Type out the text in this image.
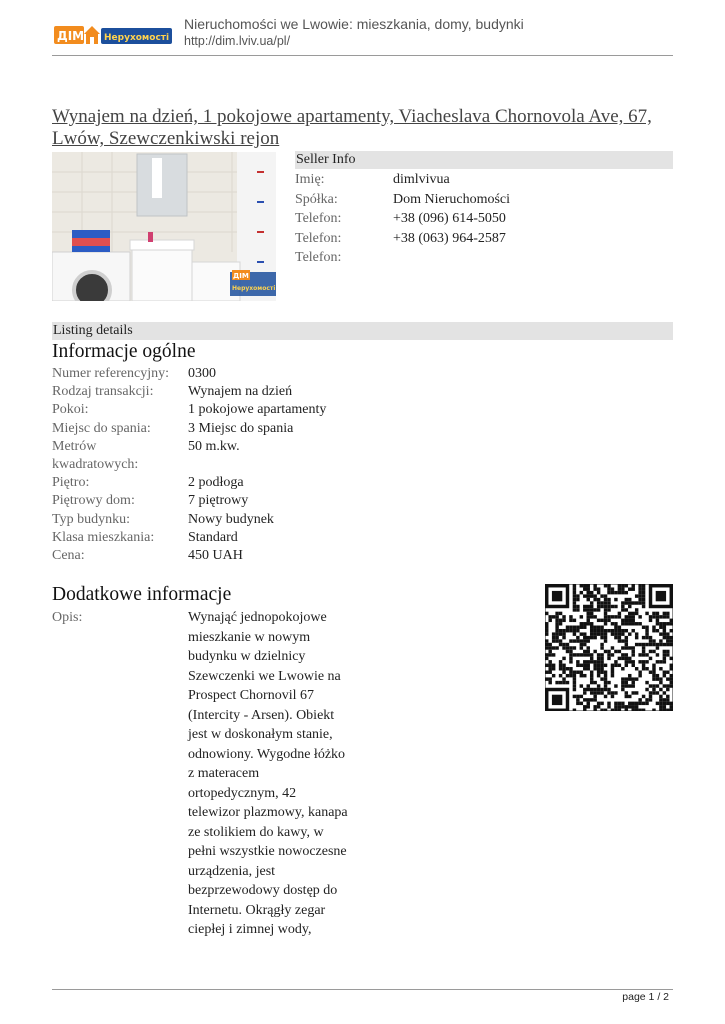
ДІМ Нерухомості
Nieruchomości we Lwowie: mieszkania, domy, budynki
http://dim.lviv.ua/pl/
Wynajem na dzień, 1 pokojowe apartamenty, Viacheslava Chornovola Ave, 67, Lwów, Szewczenkiwski rejon
ДІМ
Нерухомості
Seller Info
Imię:	dimlvivua
Spółka:	Dom Nieruchomości
Telefon:	+38 (096) 614-5050
Telefon:	+38 (063) 964-2587
Telefon:
Listing details
Informacje ogólne
Numer referencyjny:	0300
Rodzaj transakcji:	Wynajem na dzień
Pokoi:	1 pokojowe apartamenty
Miejsc do spania:	3 Miejsc do spania
Metrów kwadratowych:
50 m.kw.
Piętro:	2 podłoga
Piętrowy dom:	7 piętrowy
Typ budynku:	Nowy budynek
Klasa mieszkania:	Standard
Cena:	450 UAH
Dodatkowe informacje
Opis:	Wynająć jednopokojowe mieszkanie w nowym budynku w dzielnicy Szewczenki we Lwowie na Prospect Chornovil 67 (Intercity - Arsen). Obiekt jest w doskonałym stanie, odnowiony. Wygodne łóżko z materacem ortopedycznym, 42 telewizor plazmowy, kanapa ze stolikiem do kawy, w pełni wszystkie nowoczesne urządzenia, jest bezprzewodowy dostęp do Internetu. Okrągły zegar ciepłej i zimnej wody,
page 1 / 2
